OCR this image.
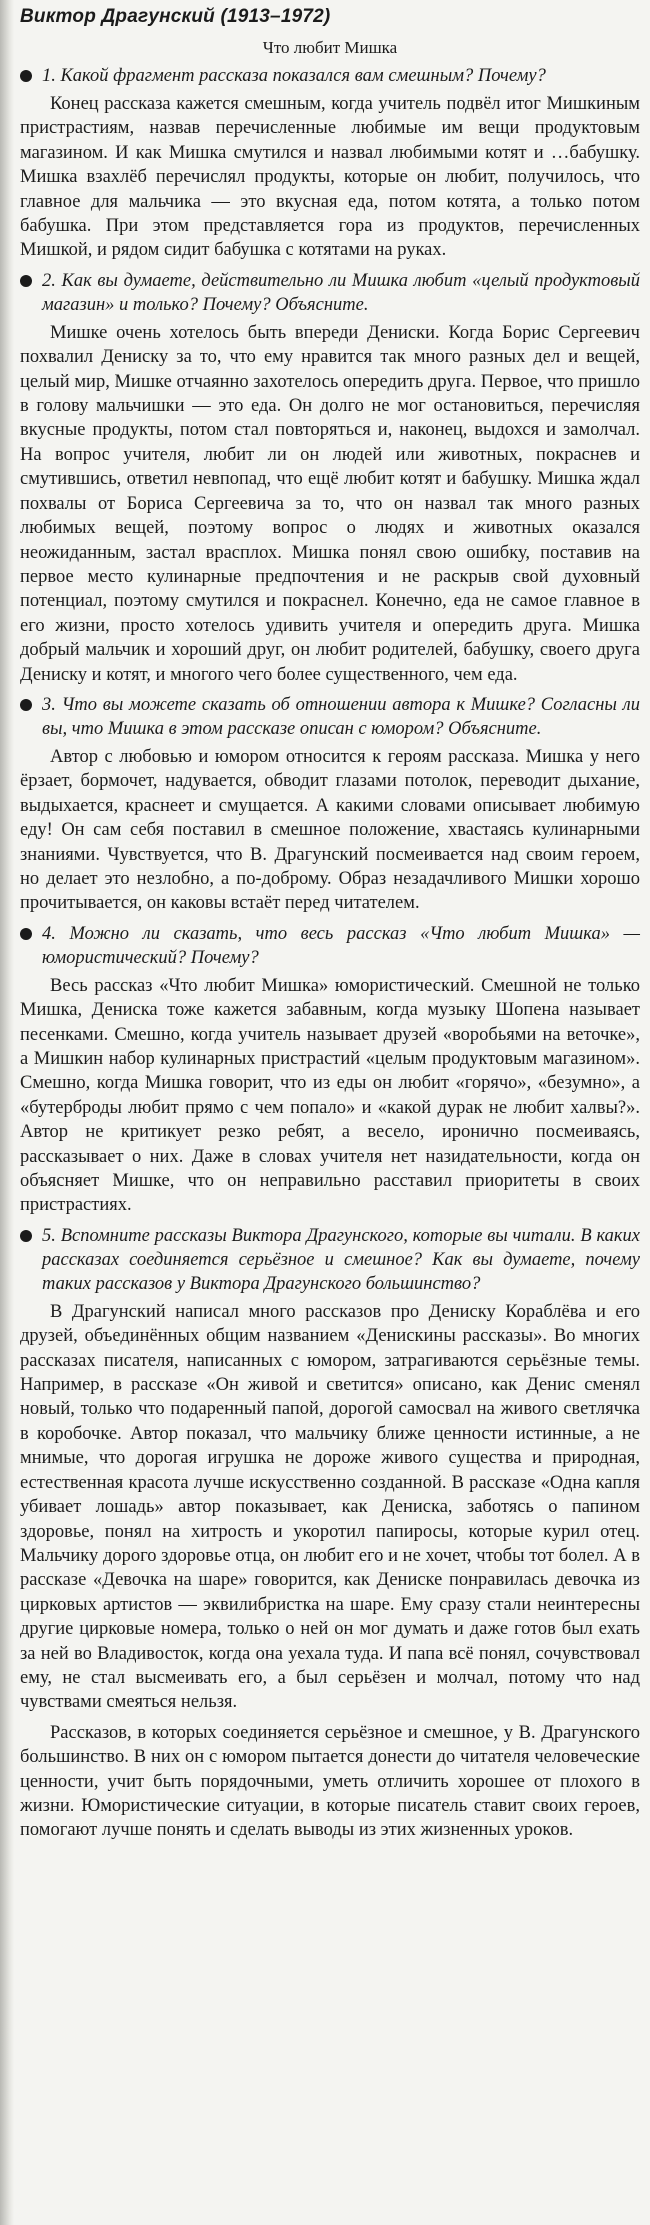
Виктор Драгунский (1913–1972)
Что любит Мишка
1. Какой фрагмент рассказа показался вам смешным? Почему?

Конец рассказа кажется смешным, когда учитель подвёл итог Мишкиным пристрастиям, назвав перечисленные любимые им вещи продуктовым магазином. И как Мишка смутился и назвал любимыми котят и …бабушку. Мишка взахлёб перечислял продукты, которые он любит, получилось, что главное для мальчика — это вкусная еда, потом котята, а только потом бабушка. При этом представляется гора из продуктов, перечисленных Мишкой, и рядом сидит бабушка с котятами на руках.

2. Как вы думаете, действительно ли Мишка любит «целый продуктовый магазин» и только? Почему? Объясните.

Мишке очень хотелось быть впереди Дениски. Когда Борис Сергеевич похвалил Дениску за то, что ему нравится так много разных дел и вещей, целый мир, Мишке отчаянно захотелось опередить друга. Первое, что пришло в голову мальчишки — это еда. Он долго не мог остановиться, перечисляя вкусные продукты, потом стал повторяться и, наконец, выдохся и замолчал. На вопрос учителя, любит ли он людей или животных, покраснев и смутившись, ответил невпопад, что ещё любит котят и бабушку. Мишка ждал похвалы от Бориса Сергеевича за то, что он назвал так много разных любимых вещей, поэтому вопрос о людях и животных оказался неожиданным, застал врасплох. Мишка понял свою ошибку, поставив на первое место кулинарные предпочтения и не раскрыв свой духовный потенциал, поэтому смутился и покраснел. Конечно, еда не самое главное в его жизни, просто хотелось удивить учителя и опередить друга. Мишка добрый мальчик и хороший друг, он любит родителей, бабушку, своего друга Дениску и котят, и многого чего более существенного, чем еда.

3. Что вы можете сказать об отношении автора к Мишке? Согласны ли вы, что Мишка в этом рассказе описан с юмором? Объясните.

Автор с любовью и юмором относится к героям рассказа. Мишка у него ёрзает, бормочет, надувается, обводит глазами потолок, переводит дыхание, выдыхается, краснеет и смущается. А какими словами описывает любимую еду! Он сам себя поставил в смешное положение, хвастаясь кулинарными знаниями. Чувствуется, что В. Драгунский посмеивается над своим героем, но делает это незлобно, а по-доброму. Образ незадачливого Мишки хорошо прочитывается, он каковы встаёт перед читателем.

4. Можно ли сказать, что весь рассказ «Что любит Мишка» — юмористический? Почему?

Весь рассказ «Что любит Мишка» юмористический. Смешной не только Мишка, Дениска тоже кажется забавным, когда музыку Шопена называет песенками. Смешно, когда учитель называет друзей «воробьями на веточке», а Мишкин набор кулинарных пристрастий «целым продуктовым магазином». Смешно, когда Мишка говорит, что из еды он любит «горячо», «безумно», а «бутерброды любит прямо с чем попало» и «какой дурак не любит халвы?». Автор не критикует резко ребят, а весело, иронично посмеиваясь, рассказывает о них. Даже в словах учителя нет назидательности, когда он объясняет Мишке, что он неправильно расставил приоритеты в своих пристрастиях.

5. Вспомните рассказы Виктора Драгунского, которые вы читали. В каких рассказах соединяется серьёзное и смешное? Как вы думаете, почему таких рассказов у Виктора Драгунского большинство?

В Драгунский написал много рассказов про Дениску Кораблёва и его друзей, объединённых общим названием «Денискины рассказы». Во многих рассказах писателя, написанных с юмором, затрагиваются серьёзные темы. Например, в рассказе «Он живой и светится» описано, как Денис сменял новый, только что подаренный папой, дорогой самосвал на живого светлячка в коробочке. Автор показал, что мальчику ближе ценности истинные, а не мнимые, что дорогая игрушка не дороже живого существа и природная, естественная красота лучше искусственно созданной. В рассказе «Одна капля убивает лошадь» автор показывает, как Дениска, заботясь о папином здоровье, понял на хитрость и укоротил папиросы, которые курил отец. Мальчику дорого здоровье отца, он любит его и не хочет, чтобы тот болел. А в рассказе «Девочка на шаре» говорится, как Дениске понравилась девочка из цирковых артистов — эквилибристка на шаре. Ему сразу стали неинтересны другие цирковые номера, только о ней он мог думать и даже готов был ехать за ней во Владивосток, когда она уехала туда. И папа всё понял, сочувствовал ему, не стал высмеивать его, а был серьёзен и молчал, потому что над чувствами смеяться нельзя.

Рассказов, в которых соединяется серьёзное и смешное, у В. Драгунского большинство. В них он с юмором пытается донести до читателя человеческие ценности, учит быть порядочными, уметь отличить хорошее от плохого в жизни. Юмористические ситуации, в которые писатель ставит своих героев, помогают лучше понять и сделать выводы из этих жизненных уроков.
